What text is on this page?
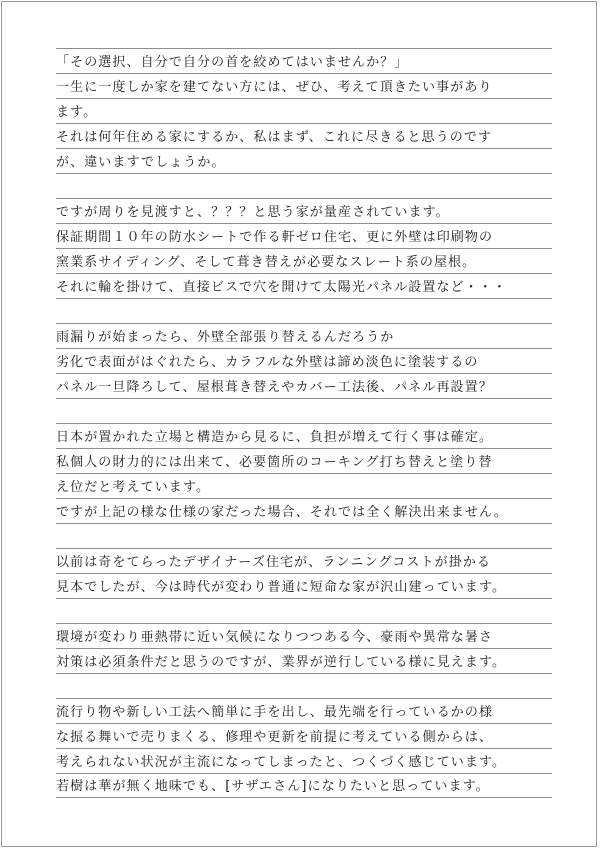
「その選択、自分で自分の首を絞めてはいませんか？」
一生に一度しか家を建てない方には、ぜひ、考えて頂きたい事があり
ます。
それは何年住める家にするか、私はまず、これに尽きると思うのです
が、違いますでしょうか。
ですが周りを見渡すと、？？？と思う家が量産されています。
保証期間１０年の防水シートで作る軒ゼロ住宅、更に外壁は印刷物の
窯業系サイディング、そして葺き替えが必要なスレート系の屋根。
それに輪を掛けて、直接ビスで穴を開けて太陽光パネル設置など・・・
雨漏りが始まったら、外壁全部張り替えるんだろうか
劣化で表面がはぐれたら、カラフルな外壁は諦め淡色に塗装するの
パネル一旦降ろして、屋根葺き替えやカバー工法後、パネル再設置？
日本が置かれた立場と構造から見るに、負担が増えて行く事は確定。
私個人の財力的には出来て、必要箇所のコーキング打ち替えと塗り替
え位だと考えています。
ですが上記の様な仕様の家だった場合、それでは全く解決出来ません。
以前は奇をてらったデザイナーズ住宅が、ランニングコストが掛かる
見本でしたが、今は時代が変わり普通に短命な家が沢山建っています。
環境が変わり亜熱帯に近い気候になりつつある今、豪雨や異常な暑さ
対策は必須条件だと思うのですが、業界が逆行している様に見えます。
流行り物や新しい工法へ簡単に手を出し、最先端を行っているかの様
な振る舞いで売りまくる、修理や更新を前提に考えている側からは、
考えられない状況が主流になってしまったと、つくづく感じています。
若樹は華が無く地味でも、[サザエさん]になりたいと思っています。
